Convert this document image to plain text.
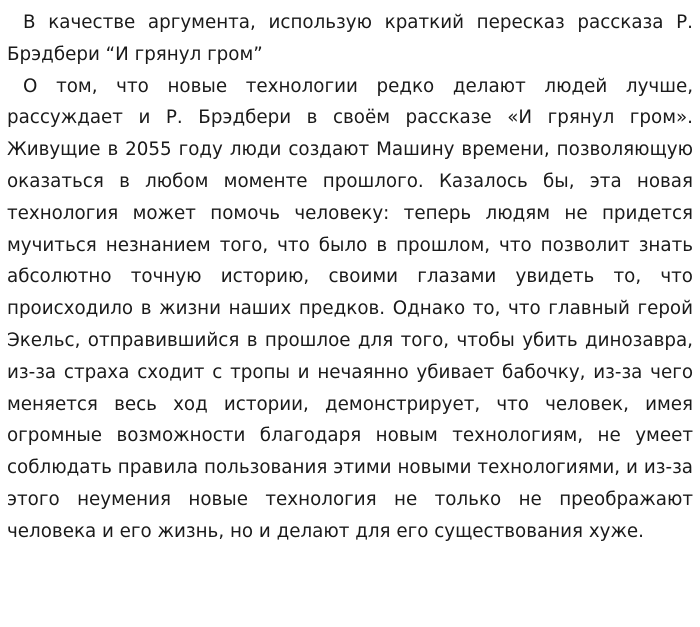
В качестве аргумента, использую краткий пересказ рассказа Р. Брэдбери “И грянул гром”

О том, что новые технологии редко делают людей лучше, рассуждает и Р. Брэдбери в своём рассказе «И грянул гром». Живущие в 2055 году люди создают Машину времени, позволяющую оказаться в любом моменте прошлого. Казалось бы, эта новая технология может помочь человеку: теперь людям не придется мучиться незнанием того, что было в прошлом, что позволит знать абсолютно точную историю, своими глазами увидеть то, что происходило в жизни наших предков. Однако то, что главный герой Экельс, отправившийся в прошлое для того, чтобы убить динозавра, из-за страха сходит с тропы и нечаянно убивает бабочку, из-за чего меняется весь ход истории, демонстрирует, что человек, имея огромные возможности благодаря новым технологиям, не умеет соблюдать правила пользования этими новыми технологиями, и из-за этого неумения новые технология не только не преображают человека и его жизнь, но и делают для его существования хуже.
